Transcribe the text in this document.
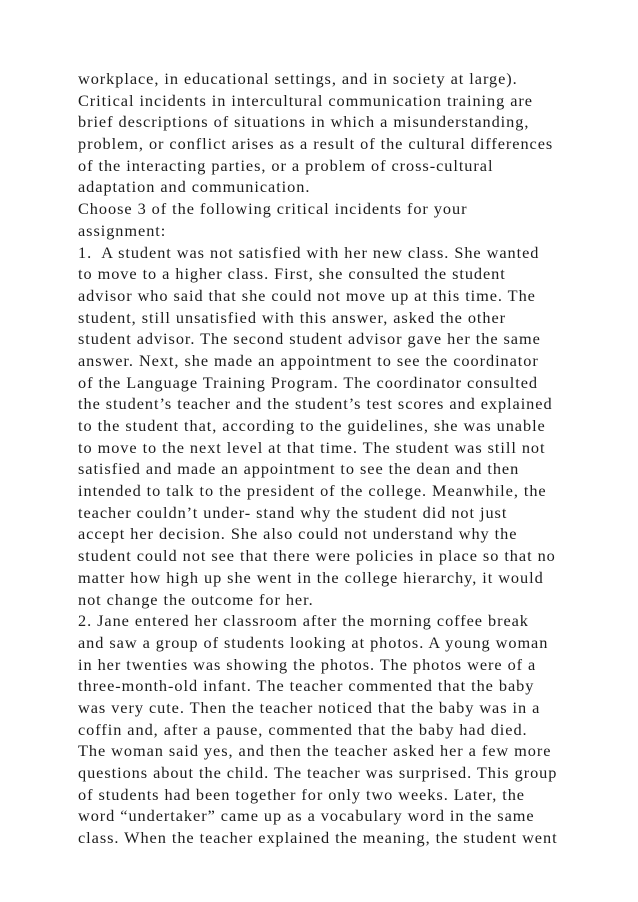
workplace, in educational settings, and in society at large).
Critical incidents in intercultural communication training are
brief descriptions of situations in which a misunderstanding,
problem, or conflict arises as a result of the cultural differences
of the interacting parties, or a problem of cross-cultural
adaptation and communication.
Choose 3 of the following critical incidents for your
assignment:
1.  A student was not satisfied with her new class. She wanted
to move to a higher class. First, she consulted the student
advisor who said that she could not move up at this time. The
student, still unsatisfied with this answer, asked the other
student advisor. The second student advisor gave her the same
answer. Next, she made an appointment to see the coordinator
of the Language Training Program. The coordinator consulted
the student’s teacher and the student’s test scores and explained
to the student that, according to the guidelines, she was unable
to move to the next level at that time. The student was still not
satisfied and made an appointment to see the dean and then
intended to talk to the president of the college. Meanwhile, the
teacher couldn’t under- stand why the student did not just
accept her decision. She also could not understand why the
student could not see that there were policies in place so that no
matter how high up she went in the college hierarchy, it would
not change the outcome for her.
2. Jane entered her classroom after the morning coffee break
and saw a group of students looking at photos. A young woman
in her twenties was showing the photos. The photos were of a
three-month-old infant. The teacher commented that the baby
was very cute. Then the teacher noticed that the baby was in a
coffin and, after a pause, commented that the baby had died.
The woman said yes, and then the teacher asked her a few more
questions about the child. The teacher was surprised. This group
of students had been together for only two weeks. Later, the
word “undertaker” came up as a vocabulary word in the same
class. When the teacher explained the meaning, the student went
